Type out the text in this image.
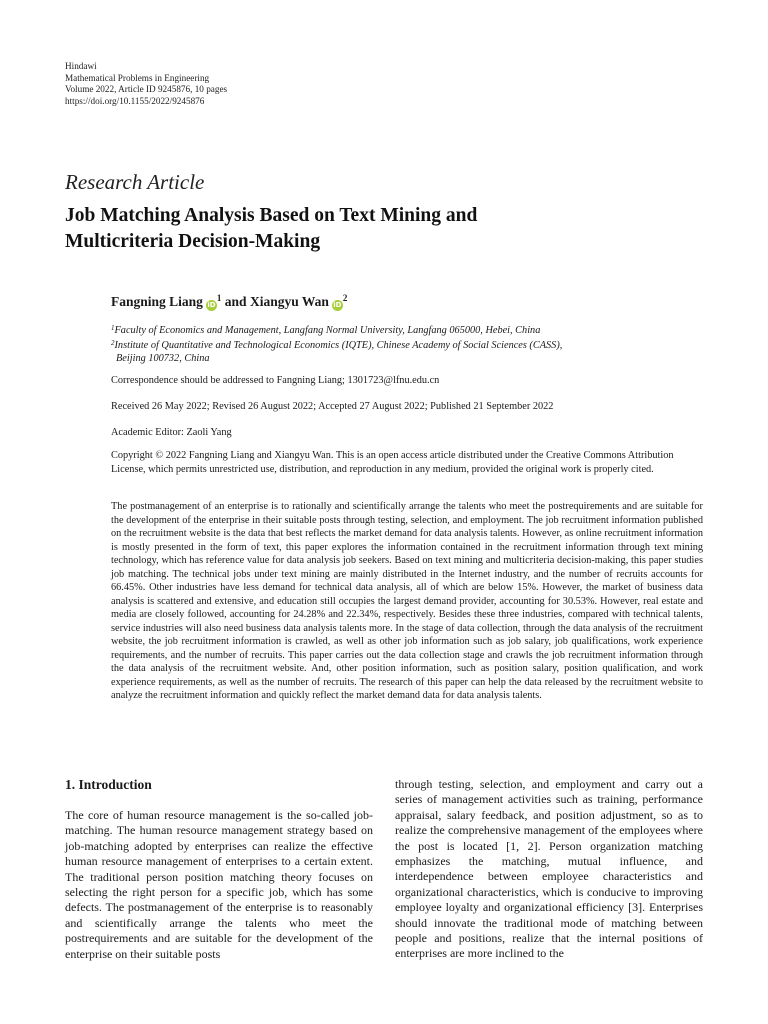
Hindawi
Mathematical Problems in Engineering
Volume 2022, Article ID 9245876, 10 pages
https://doi.org/10.1155/2022/9245876
Research Article
Job Matching Analysis Based on Text Mining and
Multicriteria Decision-Making
Fangning Liang $iD^1$ and Xiangyu Wan $iD^2$
$^1$Faculty of Economics and Management, Langfang Normal University, Langfang 065000, Hebei, China
$^2$Institute of Quantitative and Technological Economics (IQTE), Chinese Academy of Social Sciences (CASS),
Beijing 100732, China
Correspondence should be addressed to Fangning Liang; 1301723@lfnu.edu.cn
Received 26 May 2022; Revised 26 August 2022; Accepted 27 August 2022; Published 21 September 2022
Academic Editor: Zaoli Yang
Copyright © 2022 Fangning Liang and Xiangyu Wan. This is an open access article distributed under the Creative Commons Attribution License, which permits unrestricted use, distribution, and reproduction in any medium, provided the original work is properly cited.
The postmanagement of an enterprise is to rationally and scientifically arrange the talents who meet the postrequirements and are suitable for the development of the enterprise in their suitable posts through testing, selection, and employment. The job recruitment information published on the recruitment website is the data that best reflects the market demand for data analysis talents. However, as online recruitment information is mostly presented in the form of text, this paper explores the information contained in the recruitment information through text mining technology, which has reference value for data analysis job seekers. Based on text mining and multicriteria decision-making, this paper studies job matching. The technical jobs under text mining are mainly distributed in the Internet industry, and the number of recruits accounts for 66.45%. Other industries have less demand for technical data analysis, all of which are below 15%. However, the market of business data analysis is scattered and extensive, and education still occupies the largest demand provider, accounting for 30.53%. However, real estate and media are closely followed, accounting for 24.28% and 22.34%, respectively. Besides these three industries, compared with technical talents, service industries will also need business data analysis talents more. In the stage of data collection, through the data analysis of the recruitment website, the job recruitment information is crawled, as well as other job information such as job salary, job qualifications, work experience requirements, and the number of recruits. This paper carries out the data collection stage and crawls the job recruitment information through the data analysis of the recruitment website. And, other position information, such as position salary, position qualification, and work experience requirements, as well as the number of recruits. The research of this paper can help the data released by the recruitment website to analyze the recruitment information and quickly reflect the market demand data for data analysis talents.
1. Introduction
The core of human resource management is the so-called job-matching. The human resource management strategy based on job-matching adopted by enterprises can realize the effective human resource management of enterprises to a certain extent. The traditional person position matching theory focuses on selecting the right person for a specific job, which has some defects. The postmanagement of the enterprise is to reasonably and scientifically arrange the talents who meet the postrequirements and are suitable for the development of the enterprise on their suitable posts
through testing, selection, and employment and carry out a series of management activities such as training, performance appraisal, salary feedback, and position adjustment, so as to realize the comprehensive management of the employees where the post is located [1, 2]. Person organization matching emphasizes the matching, mutual influence, and interdependence between employee characteristics and organizational characteristics, which is conducive to improving employee loyalty and organizational efficiency [3]. Enterprises should innovate the traditional mode of matching between people and positions, realize that the internal positions of enterprises are more inclined to the
